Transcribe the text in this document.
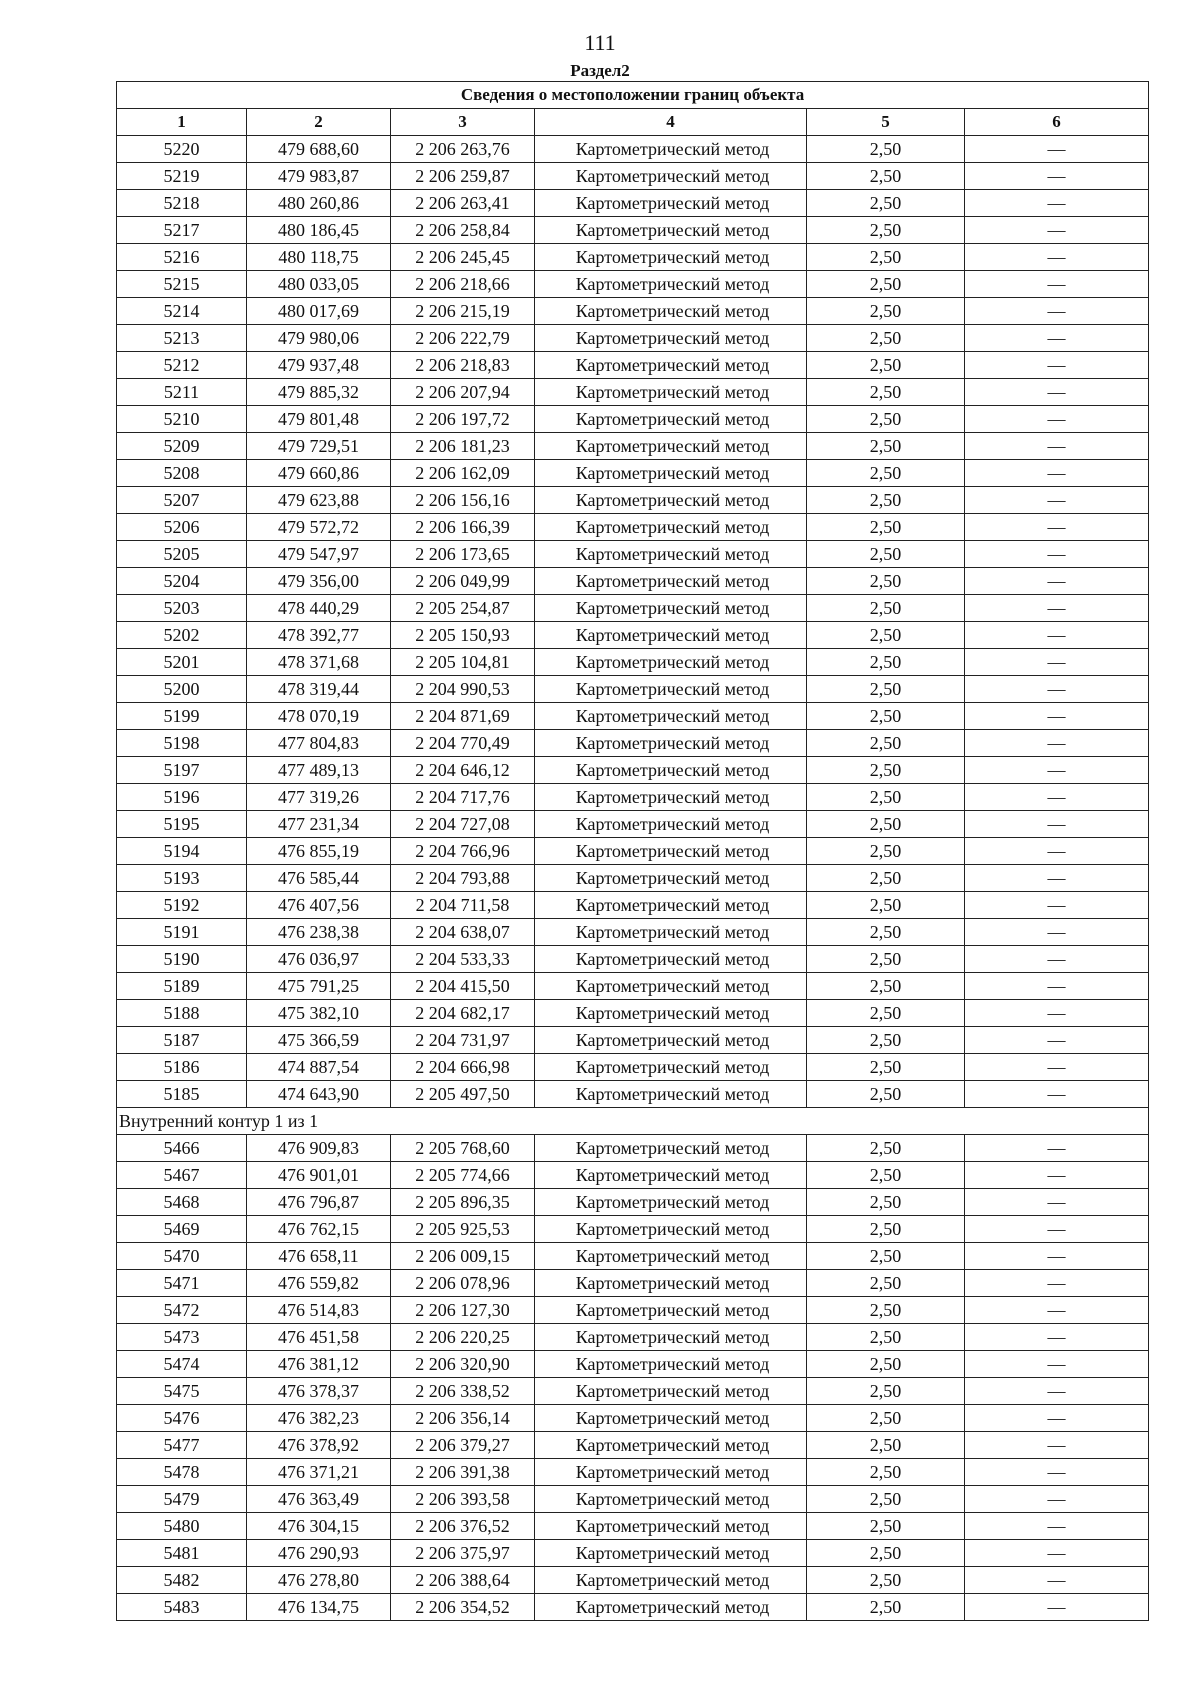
111
Раздел2
Сведения о местоположении границ объекта					
1	2	3	4	5	6
5220	479 688,60	2 206 263,76	Картометрический метод	2,50	—
5219	479 983,87	2 206 259,87	Картометрический метод	2,50	—
5218	480 260,86	2 206 263,41	Картометрический метод	2,50	—
5217	480 186,45	2 206 258,84	Картометрический метод	2,50	—
5216	480 118,75	2 206 245,45	Картометрический метод	2,50	—
5215	480 033,05	2 206 218,66	Картометрический метод	2,50	—
5214	480 017,69	2 206 215,19	Картометрический метод	2,50	—
5213	479 980,06	2 206 222,79	Картометрический метод	2,50	—
5212	479 937,48	2 206 218,83	Картометрический метод	2,50	—
5211	479 885,32	2 206 207,94	Картометрический метод	2,50	—
5210	479 801,48	2 206 197,72	Картометрический метод	2,50	—
5209	479 729,51	2 206 181,23	Картометрический метод	2,50	—
5208	479 660,86	2 206 162,09	Картометрический метод	2,50	—
5207	479 623,88	2 206 156,16	Картометрический метод	2,50	—
5206	479 572,72	2 206 166,39	Картометрический метод	2,50	—
5205	479 547,97	2 206 173,65	Картометрический метод	2,50	—
5204	479 356,00	2 206 049,99	Картометрический метод	2,50	—
5203	478 440,29	2 205 254,87	Картометрический метод	2,50	—
5202	478 392,77	2 205 150,93	Картометрический метод	2,50	—
5201	478 371,68	2 205 104,81	Картометрический метод	2,50	—
5200	478 319,44	2 204 990,53	Картометрический метод	2,50	—
5199	478 070,19	2 204 871,69	Картометрический метод	2,50	—
5198	477 804,83	2 204 770,49	Картометрический метод	2,50	—
5197	477 489,13	2 204 646,12	Картометрический метод	2,50	—
5196	477 319,26	2 204 717,76	Картометрический метод	2,50	—
5195	477 231,34	2 204 727,08	Картометрический метод	2,50	—
5194	476 855,19	2 204 766,96	Картометрический метод	2,50	—
5193	476 585,44	2 204 793,88	Картометрический метод	2,50	—
5192	476 407,56	2 204 711,58	Картометрический метод	2,50	—
5191	476 238,38	2 204 638,07	Картометрический метод	2,50	—
5190	476 036,97	2 204 533,33	Картометрический метод	2,50	—
5189	475 791,25	2 204 415,50	Картометрический метод	2,50	—
5188	475 382,10	2 204 682,17	Картометрический метод	2,50	—
5187	475 366,59	2 204 731,97	Картометрический метод	2,50	—
5186	474 887,54	2 204 666,98	Картометрический метод	2,50	—
5185	474 643,90	2 205 497,50	Картометрический метод	2,50	—
Внутренний контур 1 из 1					
5466	476 909,83	2 205 768,60	Картометрический метод	2,50	—
5467	476 901,01	2 205 774,66	Картометрический метод	2,50	—
5468	476 796,87	2 205 896,35	Картометрический метод	2,50	—
5469	476 762,15	2 205 925,53	Картометрический метод	2,50	—
5470	476 658,11	2 206 009,15	Картометрический метод	2,50	—
5471	476 559,82	2 206 078,96	Картометрический метод	2,50	—
5472	476 514,83	2 206 127,30	Картометрический метод	2,50	—
5473	476 451,58	2 206 220,25	Картометрический метод	2,50	—
5474	476 381,12	2 206 320,90	Картометрический метод	2,50	—
5475	476 378,37	2 206 338,52	Картометрический метод	2,50	—
5476	476 382,23	2 206 356,14	Картометрический метод	2,50	—
5477	476 378,92	2 206 379,27	Картометрический метод	2,50	—
5478	476 371,21	2 206 391,38	Картометрический метод	2,50	—
5479	476 363,49	2 206 393,58	Картометрический метод	2,50	—
5480	476 304,15	2 206 376,52	Картометрический метод	2,50	—
5481	476 290,93	2 206 375,97	Картометрический метод	2,50	—
5482	476 278,80	2 206 388,64	Картометрический метод	2,50	—
5483	476 134,75	2 206 354,52	Картометрический метод	2,50	—
